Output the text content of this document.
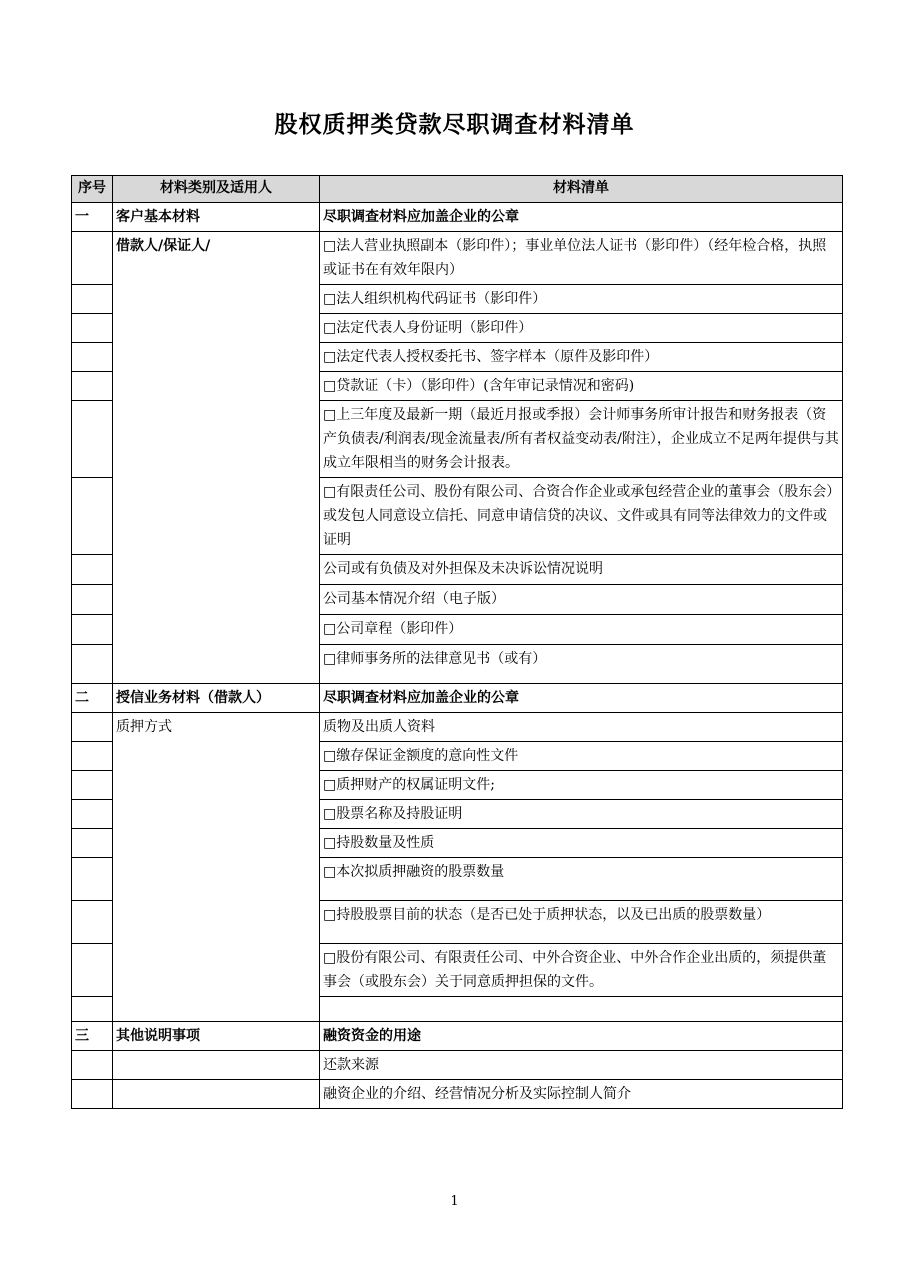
股权质押类贷款尽职调查材料清单
序号	材料类别及适用人	材料清单
一	客户基本材料	尽职调查材料应加盖企业的公章
	借款人/保证人/	□法人营业执照副本（影印件）；事业单位法人证书（影印件）（经年检合格，执照或证书在有效年限内）
		□法人组织机构代码证书（影印件）
		□法定代表人身份证明（影印件）
		□法定代表人授权委托书、签字样本（原件及影印件）
		□贷款证（卡）（影印件）(含年审记录情况和密码)
		□上三年度及最新一期（最近月报或季报）会计师事务所审计报告和财务报表（资产负债表/利润表/现金流量表/所有者权益变动表/附注），企业成立不足两年提供与其成立年限相当的财务会计报表。
		□有限责任公司、股份有限公司、合资合作企业或承包经营企业的董事会（股东会）或发包人同意设立信托、同意申请信贷的决议、文件或具有同等法律效力的文件或证明
		公司或有负债及对外担保及未决诉讼情况说明
		公司基本情况介绍（电子版）
		□公司章程（影印件）
		□律师事务所的法律意见书（或有）
二	授信业务材料（借款人）	尽职调查材料应加盖企业的公章
	质押方式	质物及出质人资料
		□缴存保证金额度的意向性文件
		□质押财产的权属证明文件;
		□股票名称及持股证明
		□持股数量及性质
		□本次拟质押融资的股票数量
		□持股股票目前的状态（是否已处于质押状态，以及已出质的股票数量）
		□股份有限公司、有限责任公司、中外合资企业、中外合作企业出质的，须提供董事会（或股东会）关于同意质押担保的文件。

三	其他说明事项	融资资金的用途
		还款来源
		融资企业的介绍、经营情况分析及实际控制人简介
1
